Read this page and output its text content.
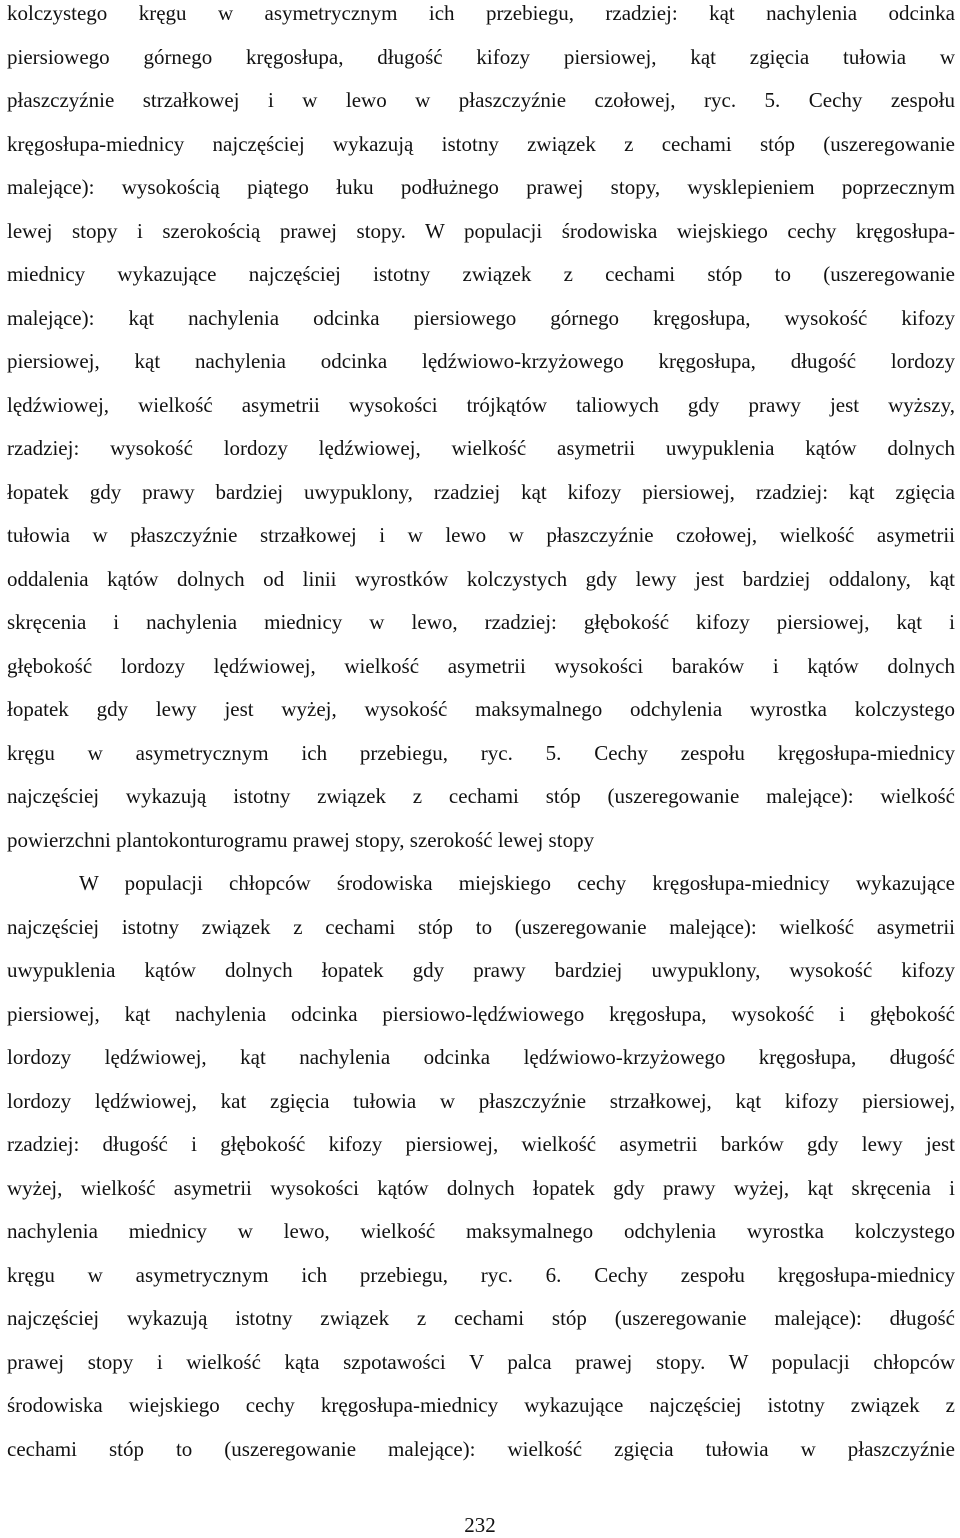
kolczystego kręgu w asymetrycznym ich przebiegu, rzadziej: kąt nachylenia odcinka
piersiowego górnego kręgosłupa, długość kifozy piersiowej, kąt zgięcia tułowia w
płaszczyźnie strzałkowej i w lewo w płaszczyźnie czołowej, ryc. 5. Cechy zespołu
kręgosłupa-miednicy najczęściej wykazują istotny związek z cechami stóp (uszeregowanie
malejące): wysokością piątego łuku podłużnego prawej stopy, wysklepieniem poprzecznym
lewej stopy i szerokością prawej stopy. W populacji środowiska wiejskiego cechy kręgosłupa-
miednicy wykazujące najczęściej istotny związek z cechami stóp to (uszeregowanie
malejące): kąt nachylenia odcinka piersiowego górnego kręgosłupa, wysokość kifozy
piersiowej, kąt nachylenia odcinka lędźwiowo-krzyżowego kręgosłupa, długość lordozy
lędźwiowej, wielkość asymetrii wysokości trójkątów taliowych gdy prawy jest wyższy,
rzadziej: wysokość lordozy lędźwiowej, wielkość asymetrii uwypuklenia kątów dolnych
łopatek gdy prawy bardziej uwypuklony, rzadziej kąt kifozy piersiowej, rzadziej: kąt zgięcia
tułowia w płaszczyźnie strzałkowej i w lewo w płaszczyźnie czołowej, wielkość asymetrii
oddalenia kątów dolnych od linii wyrostków kolczystych gdy lewy jest bardziej oddalony, kąt
skręcenia i nachylenia miednicy w lewo, rzadziej: głębokość kifozy piersiowej, kąt i
głębokość lordozy lędźwiowej, wielkość asymetrii wysokości baraków i kątów dolnych
łopatek gdy lewy jest wyżej, wysokość maksymalnego odchylenia wyrostka kolczystego
kręgu w asymetrycznym ich przebiegu, ryc. 5. Cechy zespołu kręgosłupa-miednicy
najczęściej wykazują istotny związek z cechami stóp (uszeregowanie malejące): wielkość
powierzchni plantokonturogramu prawej stopy, szerokość lewej stopy
W populacji chłopców środowiska miejskiego cechy kręgosłupa-miednicy wykazujące
najczęściej istotny związek z cechami stóp to (uszeregowanie malejące): wielkość asymetrii
uwypuklenia kątów dolnych łopatek gdy prawy bardziej uwypuklony, wysokość kifozy
piersiowej, kąt nachylenia odcinka piersiowo-lędźwiowego kręgosłupa, wysokość i głębokość
lordozy lędźwiowej, kąt nachylenia odcinka lędźwiowo-krzyżowego kręgosłupa, długość
lordozy lędźwiowej, kat zgięcia tułowia w płaszczyźnie strzałkowej, kąt kifozy piersiowej,
rzadziej: długość i głębokość kifozy piersiowej, wielkość asymetrii barków gdy lewy jest
wyżej, wielkość asymetrii wysokości kątów dolnych łopatek gdy prawy wyżej, kąt skręcenia i
nachylenia miednicy w lewo, wielkość maksymalnego odchylenia wyrostka kolczystego
kręgu w asymetrycznym ich przebiegu, ryc. 6. Cechy zespołu kręgosłupa-miednicy
najczęściej wykazują istotny związek z cechami stóp (uszeregowanie malejące): długość
prawej stopy i wielkość kąta szpotawości V palca prawej stopy. W populacji chłopców
środowiska wiejskiego cechy kręgosłupa-miednicy wykazujące najczęściej istotny związek z
cechami stóp to (uszeregowanie malejące): wielkość zgięcia tułowia w płaszczyźnie
232
